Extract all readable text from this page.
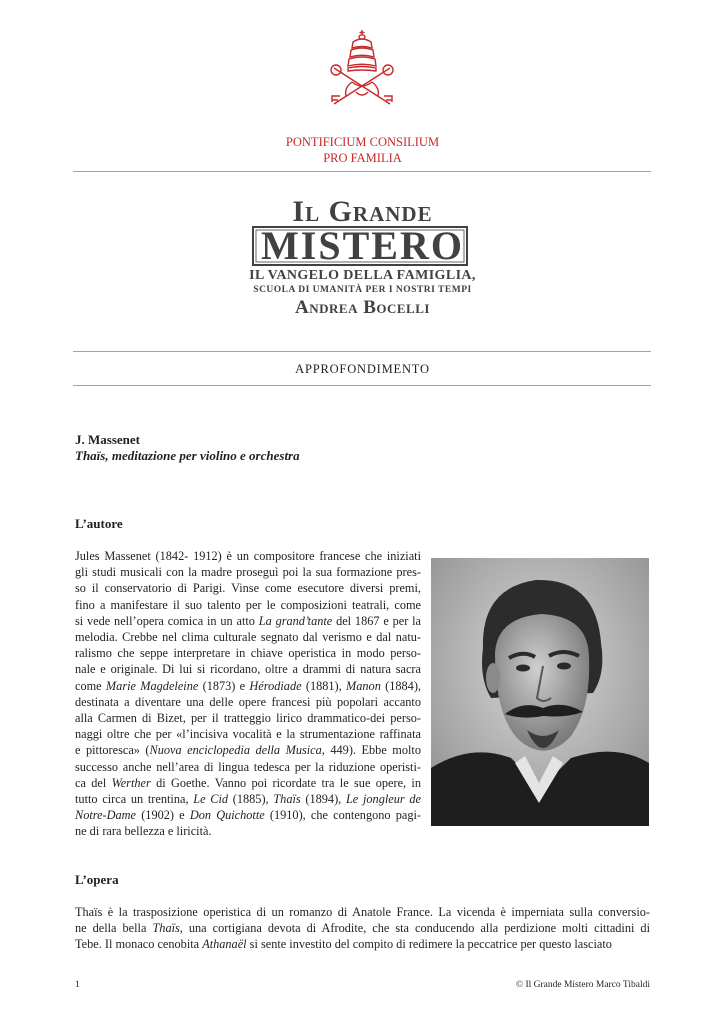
PONTIFICIUM CONSILIUM
PRO FAMILIA
Il Grande
MISTERO
IL VANGELO DELLA FAMIGLIA,
SCUOLA DI UMANITÀ PER I NOSTRI TEMPI
Andrea Bocelli
APPROFONDIMENTO
J. Massenet
Thaïs, meditazione per violino e orchestra
L’autore
Jules Massenet (1842- 1912) è un compositore francese che iniziati
gli studi musicali con la madre proseguì poi la sua formazione pres-
so il conservatorio di Parigi. Vinse come esecutore diversi premi,
fino a manifestare il suo talento per le composizioni teatrali, come
si vede nell’opera comica in un atto La grand’tante del 1867 e per la
melodia. Crebbe nel clima culturale segnato dal verismo e dal natu-
ralismo che seppe interpretare in chiave operistica in modo perso-
nale e originale. Di lui si ricordano, oltre a drammi di natura sacra
come Marie Magdeleine (1873) e Hérodiade (1881), Manon (1884),
destinata a diventare una delle opere francesi più popolari accanto
alla Carmen di Bizet, per il tratteggio lirico drammatico-dei perso-
naggi oltre che per «l’incisiva vocalità e la strumentazione raffinata
e pittoresca» (Nuova enciclopedia della Musica, 449). Ebbe molto
successo anche nell’area di lingua tedesca per la riduzione operisti-
ca del Werther di Goethe. Vanno poi ricordate tra le sue opere, in
tutto circa un trentina, Le Cid (1885), Thaïs (1894), Le jongleur de
Notre-Dame (1902) e Don Quichotte (1910), che contengono pagi-
ne di rara bellezza e liricità.
L’opera
Thaïs è la trasposizione operistica di un romanzo di Anatole France. La vicenda è imperniata sulla conversio-
ne della bella Thaïs, una cortigiana devota di Afrodite, che sta conducendo alla perdizione molti cittadini di
Tebe. Il monaco cenobita Athanaël si sente investito del compito di redimere la peccatrice per questo lasciato
1	© Il Grande Mistero Marco Tibaldi
